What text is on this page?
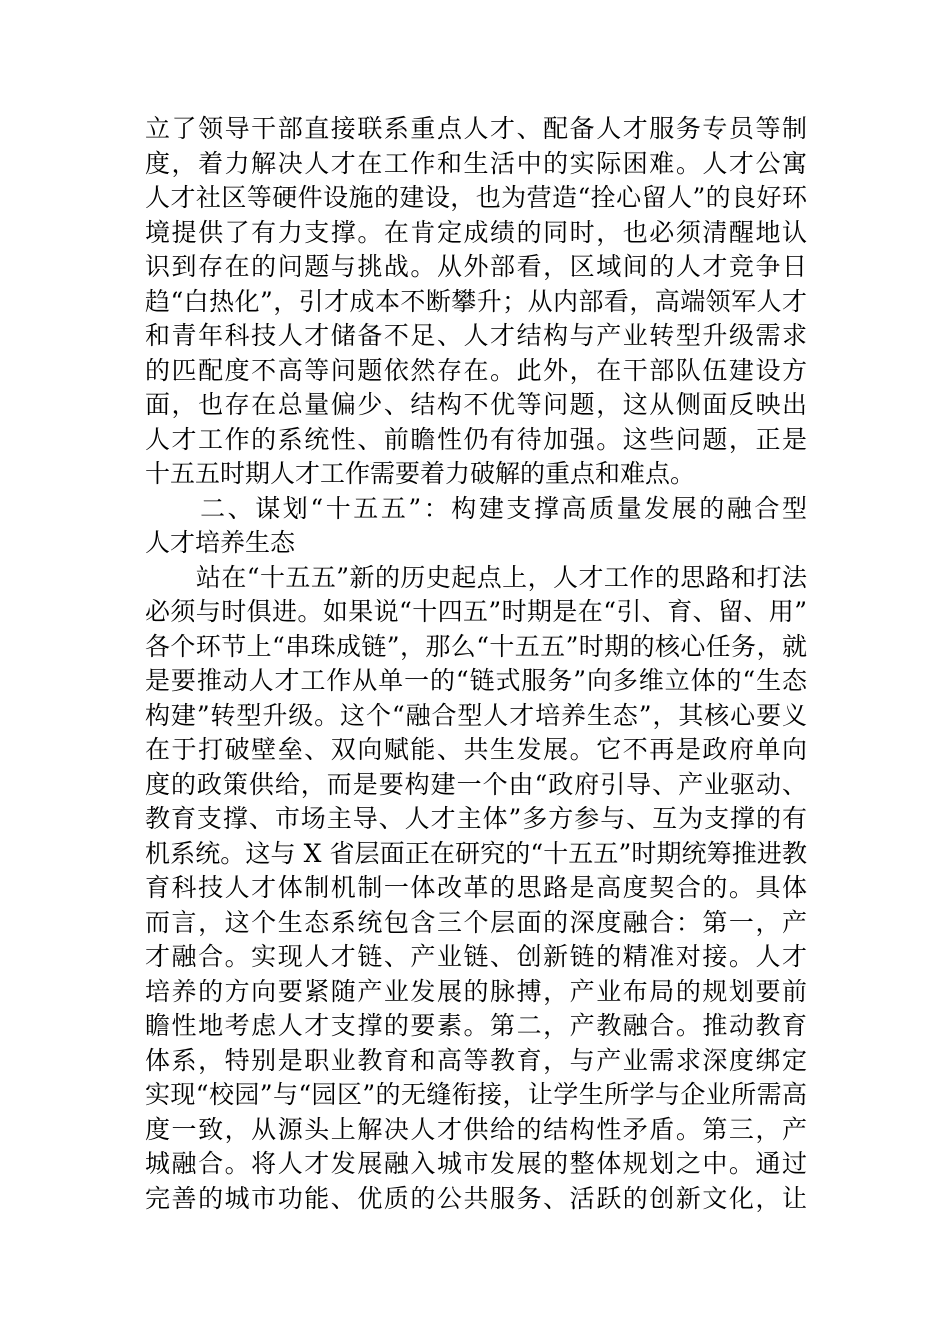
立了领导干部直接联系重点人才、配备人才服务专员等制
度，着力解决人才在工作和生活中的实际困难。人才公寓
人才社区等硬件设施的建设，也为营造“拴心留人”的良好环
境提供了有力支撑。在肯定成绩的同时，也必须清醒地认
识到存在的问题与挑战。从外部看，区域间的人才竞争日
趋“白热化”，引才成本不断攀升；从内部看，高端领军人才
和青年科技人才储备不足、人才结构与产业转型升级需求
的匹配度不高等问题依然存在。此外，在干部队伍建设方
面，也存在总量偏少、结构不优等问题，这从侧面反映出
人才工作的系统性、前瞻性仍有待加强。这些问题，正是
十五五时期人才工作需要着力破解的重点和难点。
　　二、谋划“十五五”：构建支撑高质量发展的融合型
人才培养生态
　　站在“十五五”新的历史起点上，人才工作的思路和打法
必须与时俱进。如果说“十四五”时期是在“引、育、留、用”
各个环节上“串珠成链”，那么“十五五”时期的核心任务，就
是要推动人才工作从单一的“链式服务”向多维立体的“生态
构建”转型升级。这个“融合型人才培养生态”，其核心要义
在于打破壁垒、双向赋能、共生发展。它不再是政府单向
度的政策供给，而是要构建一个由“政府引导、产业驱动、
教育支撑、市场主导、人才主体”多方参与、互为支撑的有
机系统。这与 X 省层面正在研究的“十五五”时期统筹推进教
育科技人才体制机制一体改革的思路是高度契合的。具体
而言，这个生态系统包含三个层面的深度融合：第一，产
才融合。实现人才链、产业链、创新链的精准对接。人才
培养的方向要紧随产业发展的脉搏，产业布局的规划要前
瞻性地考虑人才支撑的要素。第二，产教融合。推动教育
体系，特别是职业教育和高等教育，与产业需求深度绑定
实现“校园”与“园区”的无缝衔接，让学生所学与企业所需高
度一致，从源头上解决人才供给的结构性矛盾。第三，产
城融合。将人才发展融入城市发展的整体规划之中。通过
完善的城市功能、优质的公共服务、活跃的创新文化，让
